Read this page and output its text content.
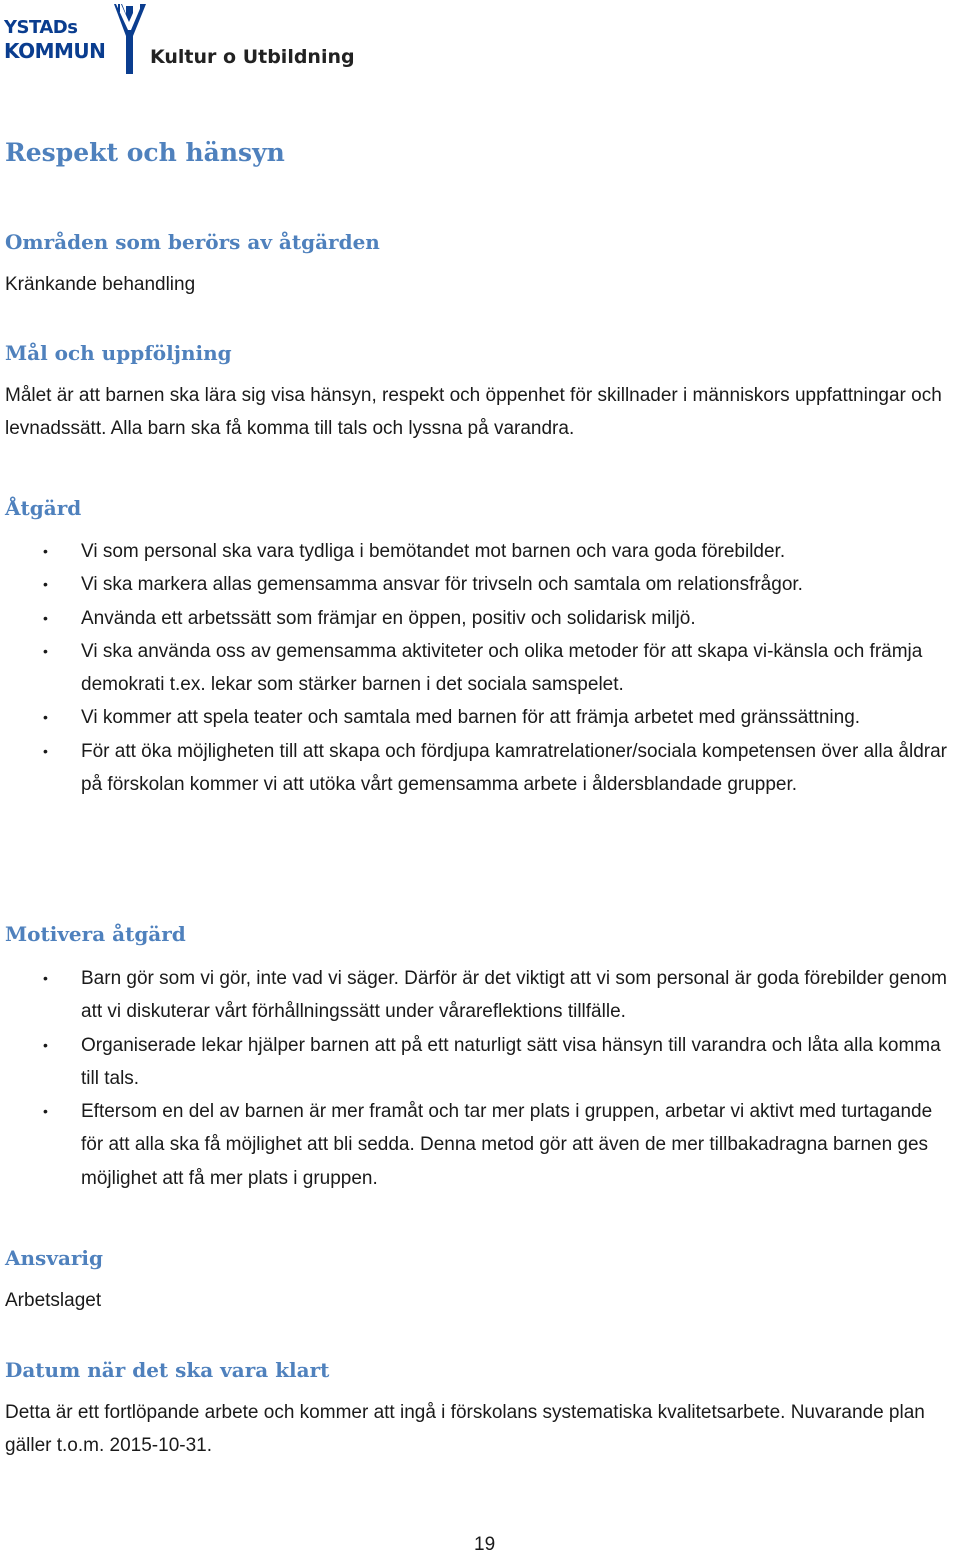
YSTADs
KOMMUN Kultur o Utbildning
Respekt och hänsyn
Områden som berörs av åtgärden

Kränkande behandling

Mål och uppföljning

Målet är att barnen ska lära sig visa hänsyn, respekt och öppenhet för skillnader i människors uppfattningar och levnadssätt. Alla barn ska få komma till tals och lyssna på varandra.

Åtgärd
• Vi som personal ska vara tydliga i bemötandet mot barnen och vara goda förebilder.
• Vi ska markera allas gemensamma ansvar för trivseln och samtala om relationsfrågor.
• Använda ett arbetssätt som främjar en öppen, positiv och solidarisk miljö.
• Vi ska använda oss av gemensamma aktiviteter och olika metoder för att skapa vi-känsla och främja demokrati t.ex. lekar som stärker barnen i det sociala samspelet.
• Vi kommer att spela teater och samtala med barnen för att främja arbetet med gränssättning.
• För att öka möjligheten till att skapa och fördjupa kamratrelationer/sociala kompetensen över alla åldrar på förskolan kommer vi att utöka vårt gemensamma arbete i åldersblandade grupper.
Motivera åtgärd
• Barn gör som vi gör, inte vad vi säger. Därför är det viktigt att vi som personal är goda förebilder genom att vi diskuterar vårt förhållningssätt under vårareflektions tillfälle.
• Organiserade lekar hjälper barnen att på ett naturligt sätt visa hänsyn till varandra och låta alla komma till tals.
• Eftersom en del av barnen är mer framåt och tar mer plats i gruppen, arbetar vi aktivt med turtagande för att alla ska få möjlighet att bli sedda. Denna metod gör att även de mer tillbakadragna barnen ges möjlighet att få mer plats i gruppen.
Ansvarig

Arbetslaget

Datum när det ska vara klart

Detta är ett fortlöpande arbete och kommer att ingå i förskolans systematiska kvalitetsarbete. Nuvarande plan gäller t.o.m. 2015-10-31.

19
